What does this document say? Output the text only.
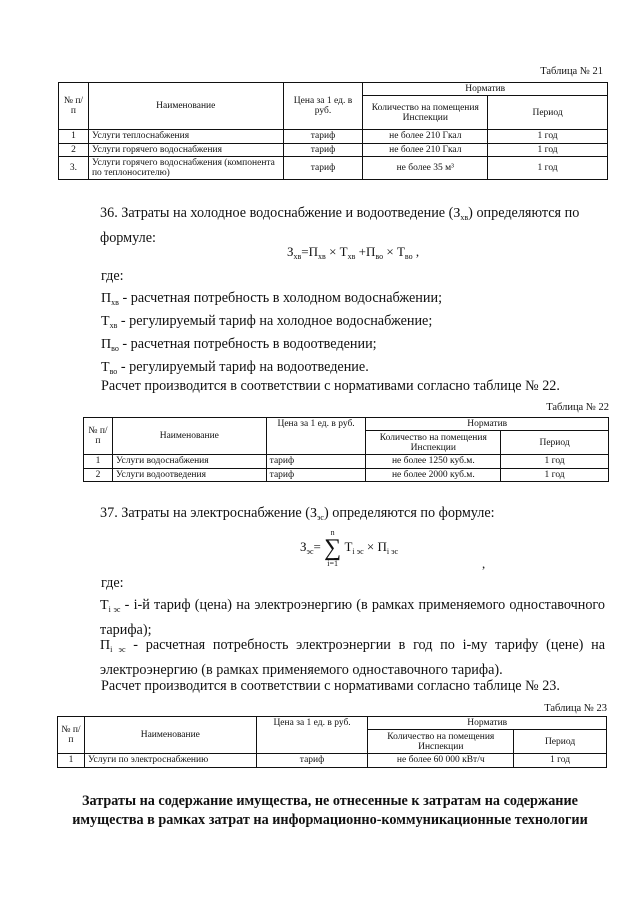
Таблица № 21
№ п/п	Наименование	Цена за 1 ед. в руб.	Норматив	
			Количество на помещения Инспекции	Период
1	Услуги теплоснабжения	тариф	не более 210 Гкал	1 год
2	Услуги горячего водоснабжения	тариф	не более 210 Гкал	1 год
3.	Услуги горячего водоснабжения (компонента по теплоносителю)	тариф	не более 35 м³	1 год

36. Затраты на холодное водоснабжение и водоотведение $(З_{хв})$ определяются по формуле:

$З_{хв}=П_{хв} \times Т_{хв} +П_{во} \times Т_{во}$ ,
где:
$П_{хв}$ - расчетная потребность в холодном водоснабжении;
$Т_{хв}$ - регулируемый тариф на холодное водоснабжение;
$П_{во}$ - расчетная потребность в водоотведении;
$Т_{во}$ - регулируемый тариф на водоотведение.
Расчет производится в соответствии с нормативами согласно таблице № 22.
Таблица № 22
№ п/п	Наименование	Цена за 1 ед. в руб.	Норматив	
			Количество на помещения Инспекции	Период
1	Услуги водоснабжения	тариф	не более 1250 куб.м.	1 год
2	Услуги водоотведения	тариф	не более 2000 куб.м.	1 год

37. Затраты на электроснабжение $(З_{эс})$ определяются по формуле:

$З_{эс}= n$
∑
i=1 $Т_{i эс} \times П_{i эс}$
,
где:

$Т_{i эс} - i-й$ тариф (цена) на электроэнергию (в рамках применяемого одноставочного тарифа);

$П_{i эс}$ - расчетная потребность электроэнергии в год по i-му тарифу (цене) на электроэнергию (в рамках применяемого одноставочного тарифа).

Расчет производится в соответствии с нормативами согласно таблице № 23.
Таблица № 23
№ п/п	Наименование	Цена за 1 ед. в руб.	Норматив	
			Количество на помещения Инспекции	Период
1	Услуги по электроснабжению	тариф	не более 60 000 кВт/ч	1 год
Затраты на содержание имущества, не отнесенные к затратам на содержание имущества в рамках затрат на информационно-коммуникационные технологии
